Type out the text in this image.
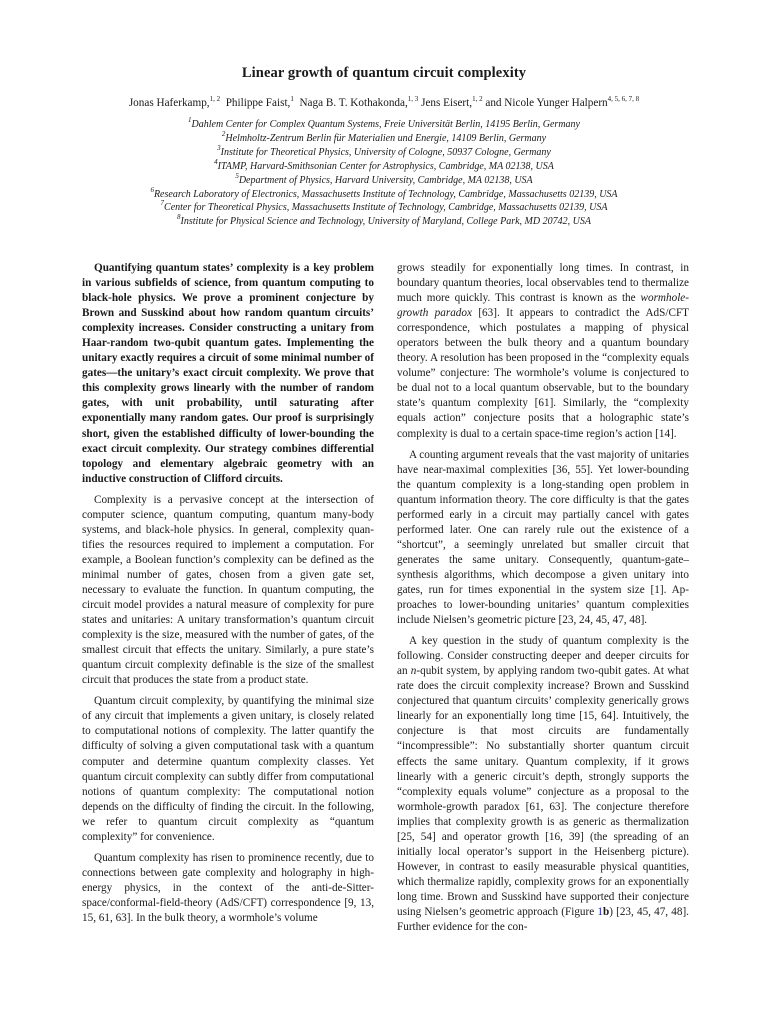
Linear growth of quantum circuit complexity
Jonas Haferkamp,$^{1, 2}$ Philippe Faist,$^1$ Naga B. T. Kothakonda,$^{1, 3}$ Jens Eisert,$^{1, 2}$ and Nicole Yunger Halpern$^{4, 5, 6, 7, 8}$
$^1$Dahlem Center for Complex Quantum Systems, Freie Universität Berlin, 14195 Berlin, Germany
$^2$Helmholtz-Zentrum Berlin für Materialien und Energie, 14109 Berlin, Germany
$^3$Institute for Theoretical Physics, University of Cologne, 50937 Cologne, Germany
$^4$ITAMP, Harvard-Smithsonian Center for Astrophysics, Cambridge, MA 02138, USA
$^5$Department of Physics, Harvard University, Cambridge, MA 02138, USA
$^6$Research Laboratory of Electronics, Massachusetts Institute of Technology, Cambridge, Massachusetts 02139, USA
$^7$Center for Theoretical Physics, Massachusetts Institute of Technology, Cambridge, Massachusetts 02139, USA
$^8$Institute for Physical Science and Technology, University of Maryland, College Park, MD 20742, USA

Quantifying quantum states’ complexity is a key problem in various subfields of science, from quantum computing to black-hole physics. We prove a prominent conjecture by Brown and Susskind about how random quantum circuits’ complexity increases. Consider constructing a unitary from Haar-random two-qubit quantum gates. Implementing the unitary exactly requires a circuit of some minimal number of gates—the unitary’s exact circuit complexity. We prove that this complexity grows linearly with the number of random gates, with unit probability, until saturating after exponentially many random gates. Our proof is surprisingly short, given the established difficulty of lower-bounding the exact circuit complexity. Our strategy combines differential topology and elementary algebraic geometry with an inductive construction of Clifford circuits.

Complexity is a pervasive concept at the intersection of computer science, quantum computing, quantum many-body systems, and black-hole physics. In general, complexity quantifies the resources required to implement a computation. For example, a Boolean function’s complexity can be defined as the minimal number of gates, chosen from a given gate set, necessary to evaluate the function. In quantum computing, the circuit model provides a natural measure of complexity for pure states and unitaries: A unitary transformation’s quantum circuit complexity is the size, measured with the number of gates, of the smallest circuit that effects the unitary. Similarly, a pure state’s quantum circuit complexity definable is the size of the smallest circuit that produces the state from a product state.

Quantum circuit complexity, by quantifying the minimal size of any circuit that implements a given unitary, is closely related to computational notions of complexity. The latter quantify the difficulty of solving a given computational task with a quantum computer and determine quantum complexity classes. Yet quantum circuit complexity can subtly differ from computational notions of quantum complexity: The computational notion depends on the difficulty of finding the circuit. In the following, we refer to quantum circuit complexity as “quantum complexity” for convenience.

Quantum complexity has risen to prominence recently, due to connections between gate complexity and holography in high-energy physics, in the context of the anti-de-Sitter-space/conformal-field-theory (AdS/CFT) correspondence [9, 13, 15, 61, 63]. In the bulk theory, a wormhole’s volume

grows steadily for exponentially long times. In contrast, in boundary quantum theories, local observables tend to thermalize much more quickly. This contrast is known as the wormhole-growth paradox [63]. It appears to contradict the AdS/CFT correspondence, which postulates a mapping of physical operators between the bulk theory and a quantum boundary theory. A resolution has been proposed in the “complexity equals volume” conjecture: The wormhole’s volume is conjectured to be dual not to a local quantum observable, but to the boundary state’s quantum complexity [61]. Similarly, the “complexity equals action” conjecture posits that a holographic state’s complexity is dual to a certain space-time region’s action [14].

A counting argument reveals that the vast majority of unitaries have near-maximal complexities [36, 55]. Yet lower-bounding the quantum complexity is a long-standing open problem in quantum information theory. The core difficulty is that the gates performed early in a circuit may partially cancel with gates performed later. One can rarely rule out the existence of a “shortcut”, a seemingly unrelated but smaller circuit that generates the same unitary. Consequently, quantum-gate–synthesis algorithms, which decompose a given unitary into gates, run for times exponential in the system size [1]. Approaches to lower-bounding unitaries’ quantum complexities include Nielsen’s geometric picture [23, 24, 45, 47, 48].

A key question in the study of quantum complexity is the following. Consider constructing deeper and deeper circuits for an n-qubit system, by applying random two-qubit gates. At what rate does the circuit complexity increase? Brown and Susskind conjectured that quantum circuits’ complexity generically grows linearly for an exponentially long time [15, 64]. Intuitively, the conjecture is that most circuits are fundamentally “incompressible”: No substantially shorter quantum circuit effects the same unitary. Quantum complexity, if it grows linearly with a generic circuit’s depth, strongly supports the “complexity equals volume” conjecture as a proposal to the wormhole-growth paradox [61, 63]. The conjecture therefore implies that complexity growth is as generic as thermalization [25, 54] and operator growth [16, 39] (the spreading of an initially local operator’s support in the Heisenberg picture). However, in contrast to easily measurable physical quantities, which thermalize rapidly, complexity grows for an exponentially long time. Brown and Susskind have supported their conjecture using Nielsen’s geometric approach (Figure 1b) [23, 45, 47, 48]. Further evidence for the con-
